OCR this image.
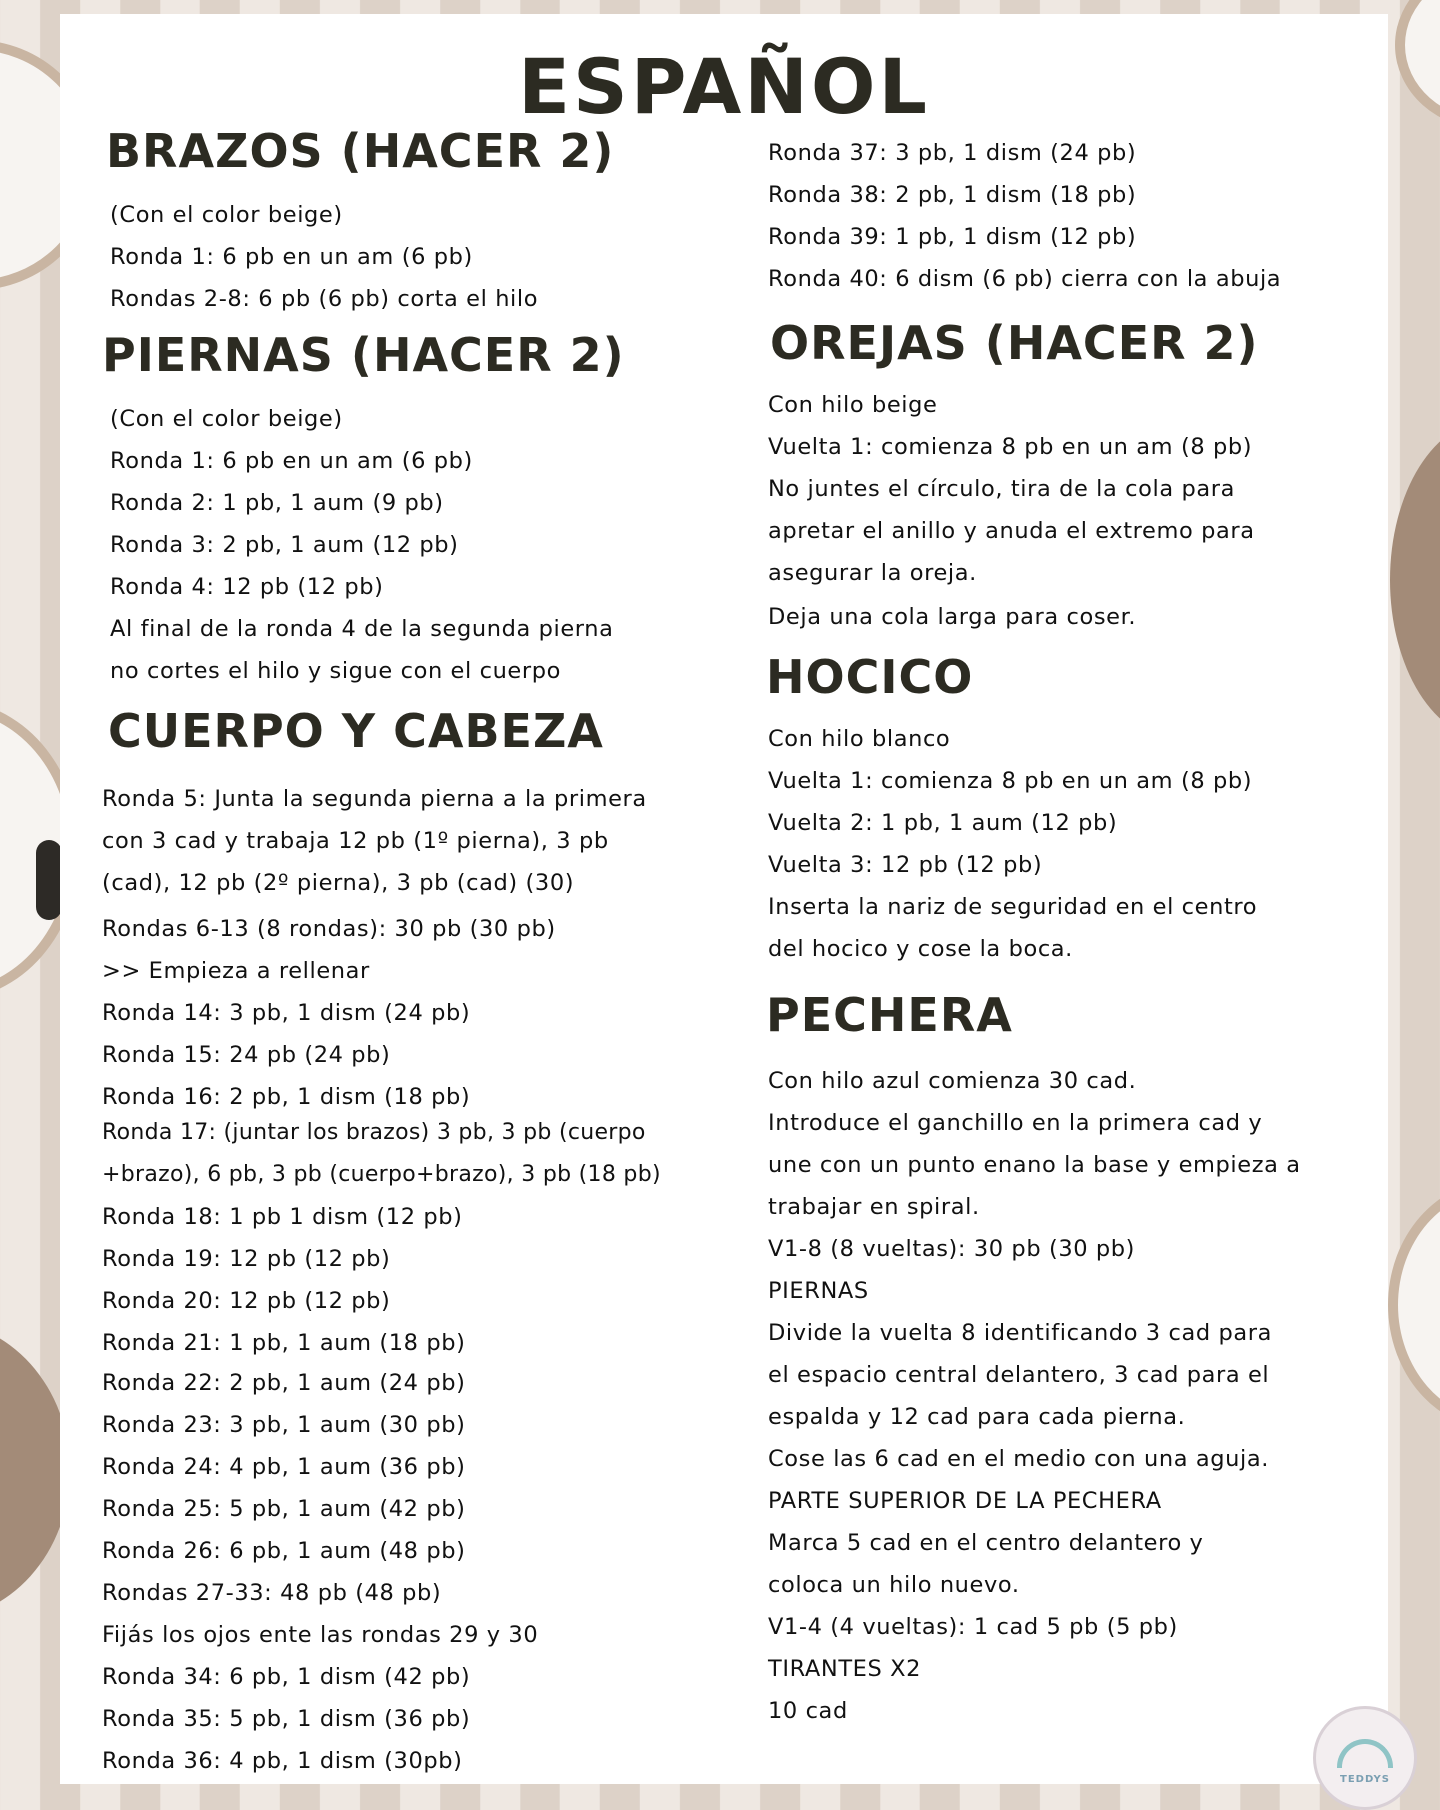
ESPAÑOL
BRAZOS (HACER 2)

(Con el color beige)

Ronda 1: 6 pb en un am (6 pb)

Rondas 2-8: 6 pb (6 pb) corta el hilo

PIERNAS (HACER 2)

(Con el color beige)

Ronda 1: 6 pb en un am (6 pb)

Ronda 2: 1 pb, 1 aum (9 pb)

Ronda 3: 2 pb, 1 aum (12 pb)

Ronda 4: 12 pb (12 pb)

Al final de la ronda 4 de la segunda pierna

no cortes el hilo y sigue con el cuerpo

CUERPO Y CABEZA

Ronda 5: Junta la segunda pierna a la primera

con 3 cad y trabaja 12 pb (1º pierna), 3 pb

(cad), 12 pb (2º pierna), 3 pb (cad) (30)

Rondas 6-13 (8 rondas): 30 pb (30 pb)

>> Empieza a rellenar

Ronda 14: 3 pb, 1 dism (24 pb)

Ronda 15: 24 pb (24 pb)

Ronda 16: 2 pb, 1 dism (18 pb)

Ronda 17: (juntar los brazos) 3 pb, 3 pb (cuerpo

+brazo), 6 pb, 3 pb (cuerpo+brazo), 3 pb (18 pb)

Ronda 18: 1 pb 1 dism (12 pb)

Ronda 19: 12 pb (12 pb)

Ronda 20: 12 pb (12 pb)

Ronda 21: 1 pb, 1 aum (18 pb)

Ronda 22: 2 pb, 1 aum (24 pb)

Ronda 23: 3 pb, 1 aum (30 pb)

Ronda 24: 4 pb, 1 aum (36 pb)

Ronda 25: 5 pb, 1 aum (42 pb)

Ronda 26: 6 pb, 1 aum (48 pb)

Rondas 27-33: 48 pb (48 pb)

Fijás los ojos ente las rondas 29 y 30

Ronda 34: 6 pb, 1 dism (42 pb)

Ronda 35: 5 pb, 1 dism (36 pb)

Ronda 36: 4 pb, 1 dism (30pb)

Ronda 37: 3 pb, 1 dism (24 pb)

Ronda 38: 2 pb, 1 dism (18 pb)

Ronda 39: 1 pb, 1 dism (12 pb)

Ronda 40: 6 dism (6 pb) cierra con la abuja

OREJAS (HACER 2)

Con hilo beige

Vuelta 1: comienza 8 pb en un am (8 pb)

No juntes el círculo, tira de la cola para

apretar el anillo y anuda el extremo para

asegurar la oreja.

Deja una cola larga para coser.

HOCICO

Con hilo blanco

Vuelta 1: comienza 8 pb en un am (8 pb)

Vuelta 2: 1 pb, 1 aum (12 pb)

Vuelta 3: 12 pb (12 pb)

Inserta la nariz de seguridad en el centro

del hocico y cose la boca.

PECHERA

Con hilo azul comienza 30 cad.

Introduce el ganchillo en la primera cad y

une con un punto enano la base y empieza a

trabajar en spiral.

V1-8 (8 vueltas): 30 pb (30 pb)

PIERNAS

Divide la vuelta 8 identificando 3 cad para

el espacio central delantero, 3 cad para el

espalda y 12 cad para cada pierna.

Cose las 6 cad en el medio con una aguja.

PARTE SUPERIOR DE LA PECHERA

Marca 5 cad en el centro delantero y

coloca un hilo nuevo.

V1-4 (4 vueltas): 1 cad 5 pb (5 pb)

TIRANTES X2

10 cad

TEDDYS
